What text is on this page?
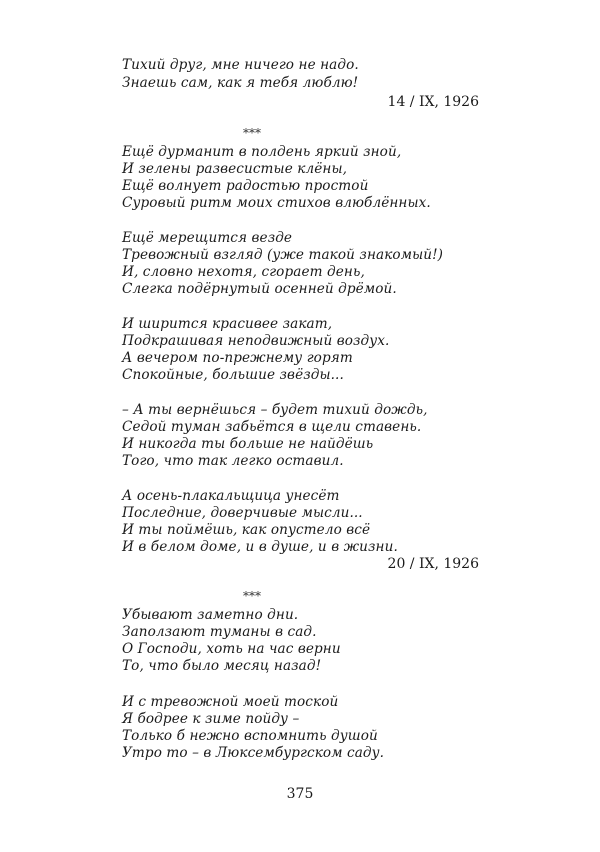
Тихий друг, мне ничего не надо.
Знаешь сам, как я тебя люблю!
14 / IX, 1926
***
Ещё дурманит в полдень яркий зной,
И зелены развесистые клёны,
Ещё волнует радостью простой
Суровый ритм моих стихов влюблённых.
Ещё мерещится везде
Тревожный взгляд (уже такой знакомый!)
И, словно нехотя, сгорает день,
Слегка подёрнутый осенней дрёмой.
И ширится красивее закат,
Подкрашивая неподвижный воздух.
А вечером по-прежнему горят
Спокойные, большие звёзды...
– А ты вернёшься – будет тихий дождь,
Седой туман забьётся в щели ставень.
И никогда ты больше не найдёшь
Того, что так легко оставил.
А осень-плакальщица унесёт
Последние, доверчивые мысли...
И ты поймёшь, как опустело всё
И в белом доме, и в душе, и в жизни.
20 / IX, 1926
***
Убывают заметно дни.
Заползают туманы в сад.
О Господи, хоть на час верни
То, что было месяц назад!
И с тревожной моей тоской
Я бодрее к зиме пойду –
Только б нежно вспомнить душой
Утро то – в Люксембургском саду.
375
